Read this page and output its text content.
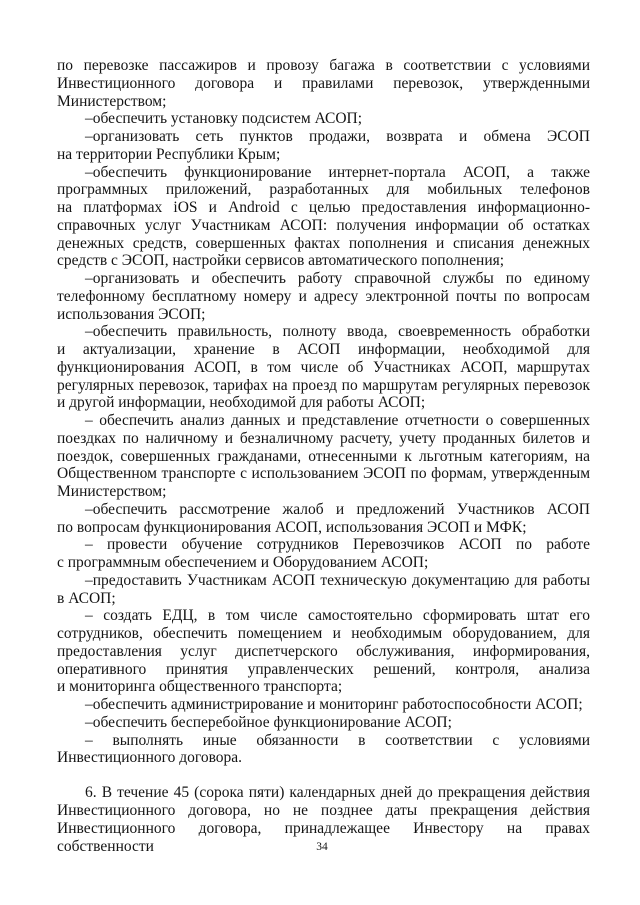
по перевозке пассажиров и провозу багажа в соответствии с условиями
Инвестиционного договора и правилами перевозок, утвержденными
Министерством;
–обеспечить установку подсистем АСОП;
–организовать сеть пунктов продажи, возврата и обмена ЭСОП
на территории Республики Крым;
–обеспечить функционирование интернет-портала АСОП, а также
программных приложений, разработанных для мобильных телефонов
на платформах iOS и Android с целью предоставления информационно-
справочных услуг Участникам АСОП: получения информации об остатках
денежных средств, совершенных фактах пополнения и списания денежных
средств с ЭСОП, настройки сервисов автоматического пополнения;
–организовать и обеспечить работу справочной службы по единому
телефонному бесплатному номеру и адресу электронной почты по вопросам
использования ЭСОП;
–обеспечить правильность, полноту ввода, своевременность обработки
и актуализации, хранение в АСОП информации, необходимой для
функционирования АСОП, в том числе об Участниках АСОП, маршрутах
регулярных перевозок, тарифах на проезд по маршрутам регулярных перевозок
и другой информации, необходимой для работы АСОП;
– обеспечить анализ данных и представление отчетности о совершенных
поездках по наличному и безналичному расчету, учету проданных билетов и
поездок, совершенных гражданами, отнесенными к льготным категориям, на
Общественном транспорте с использованием ЭСОП по формам, утвержденным
Министерством;
–обеспечить рассмотрение жалоб и предложений Участников АСОП
по вопросам функционирования АСОП, использования ЭСОП и МФК;
– провести обучение сотрудников Перевозчиков АСОП по работе
с программным обеспечением и Оборудованием АСОП;
–предоставить Участникам АСОП техническую документацию для работы
в АСОП;
– создать ЕДЦ, в том числе самостоятельно сформировать штат его
сотрудников, обеспечить помещением и необходимым оборудованием, для
предоставления услуг диспетчерского обслуживания, информирования,
оперативного принятия управленческих решений, контроля, анализа
и мониторинга общественного транспорта;
–обеспечить администрирование и мониторинг работоспособности АСОП;
–обеспечить бесперебойное функционирование АСОП;
– выполнять иные обязанности в соответствии с условиями
Инвестиционного договора.
6. В течение 45 (сорока пяти) календарных дней до прекращения действия
Инвестиционного договора, но не позднее даты прекращения действия
Инвестиционного договора, принадлежащее Инвестору на правах собственности	34
